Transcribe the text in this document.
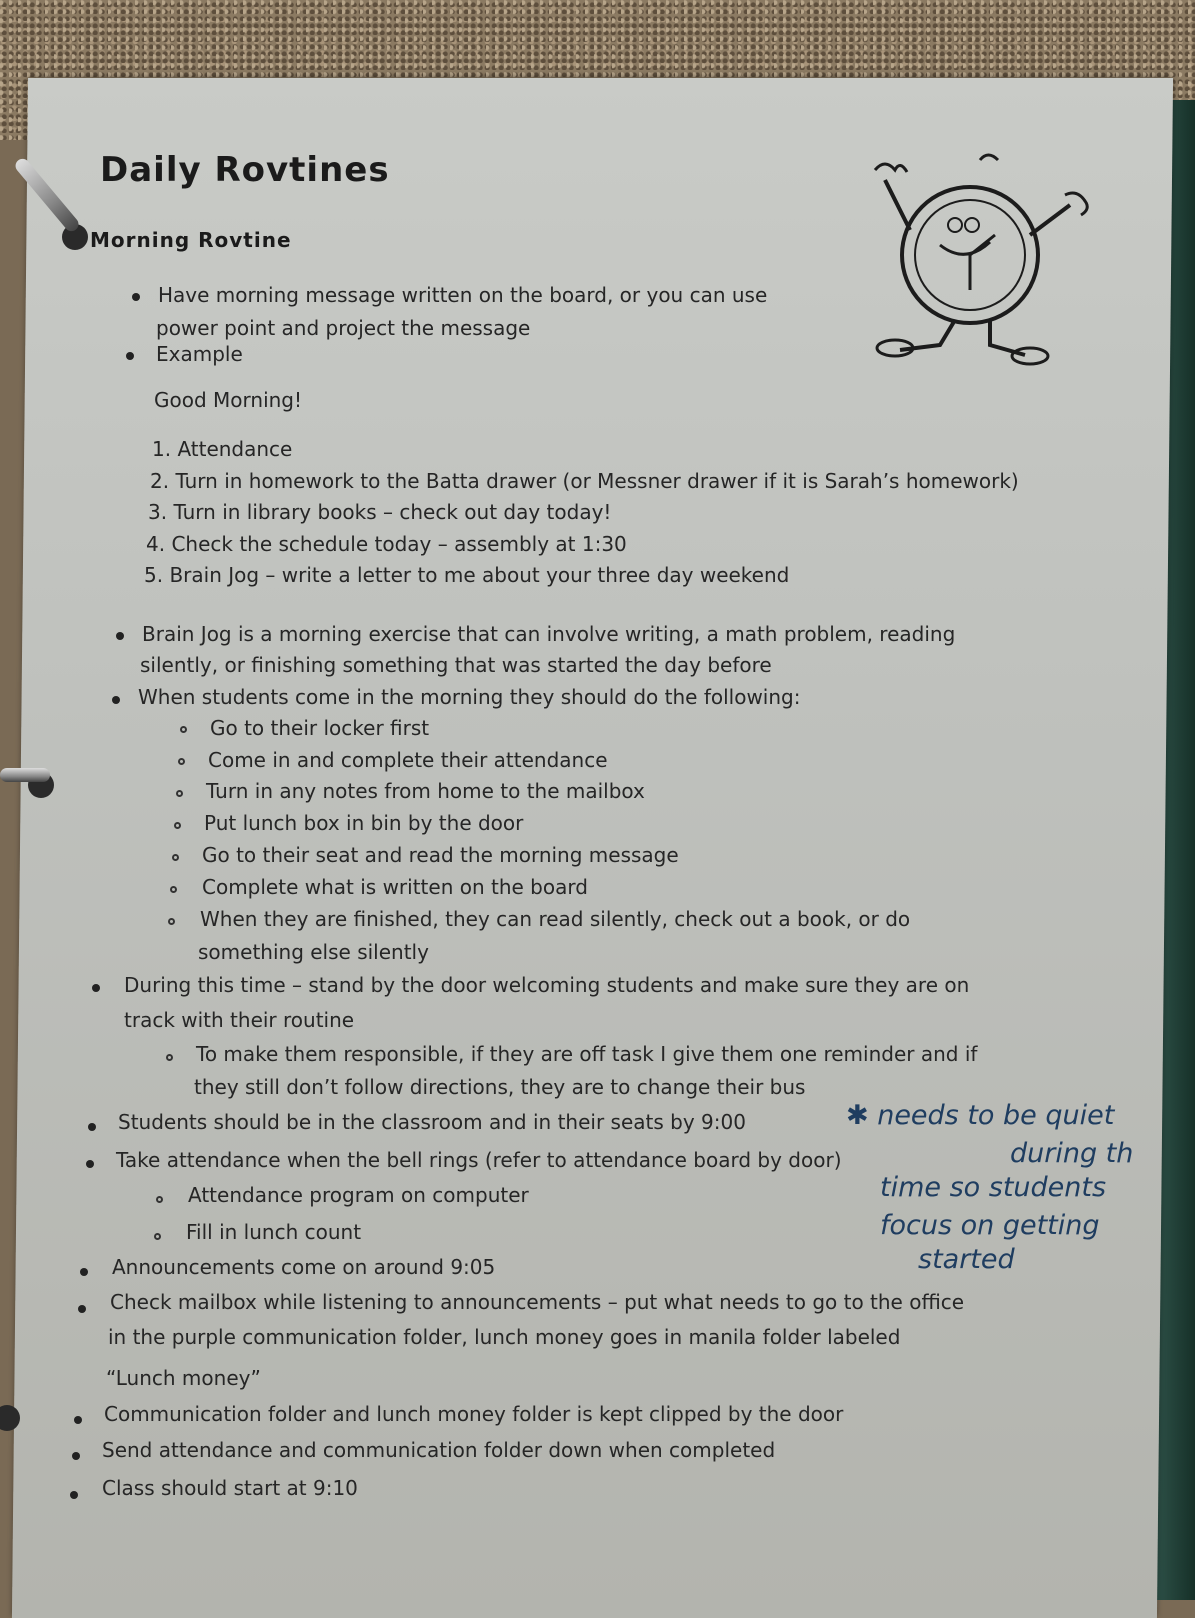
Daily Rovtines
Morning Rovtine
Have morning message written on the board, or you can use
power point and project the message
Example
Good Morning!
1. Attendance
2. Turn in homework to the Batta drawer (or Messner drawer if it is Sarah’s homework)
3. Turn in library books – check out day today!
4. Check the schedule today – assembly at 1:30
5. Brain Jog – write a letter to me about your three day weekend
Brain Jog is a morning exercise that can involve writing, a math problem, reading
silently, or finishing something that was started the day before
When students come in the morning they should do the following:
Go to their locker first
Come in and complete their attendance
Turn in any notes from home to the mailbox
Put lunch box in bin by the door
Go to their seat and read the morning message
Complete what is written on the board
When they are finished, they can read silently, check out a book, or do
something else silently
During this time – stand by the door welcoming students and make sure they are on
track with their routine
To make them responsible, if they are off task I give them one reminder and if
they still don’t follow directions, they are to change their bus
Students should be in the classroom and in their seats by 9:00
Take attendance when the bell rings (refer to attendance board by door)
Attendance program on computer
Fill in lunch count
Announcements come on around 9:05
Check mailbox while listening to announcements – put what needs to go to the office
in the purple communication folder, lunch money goes in manila folder labeled
“Lunch money”
Communication folder and lunch money folder is kept clipped by the door
Send attendance and communication folder down when completed
Class should start at 9:10
✱ needs to be quiet
during th
time so students
focus on getting
started
